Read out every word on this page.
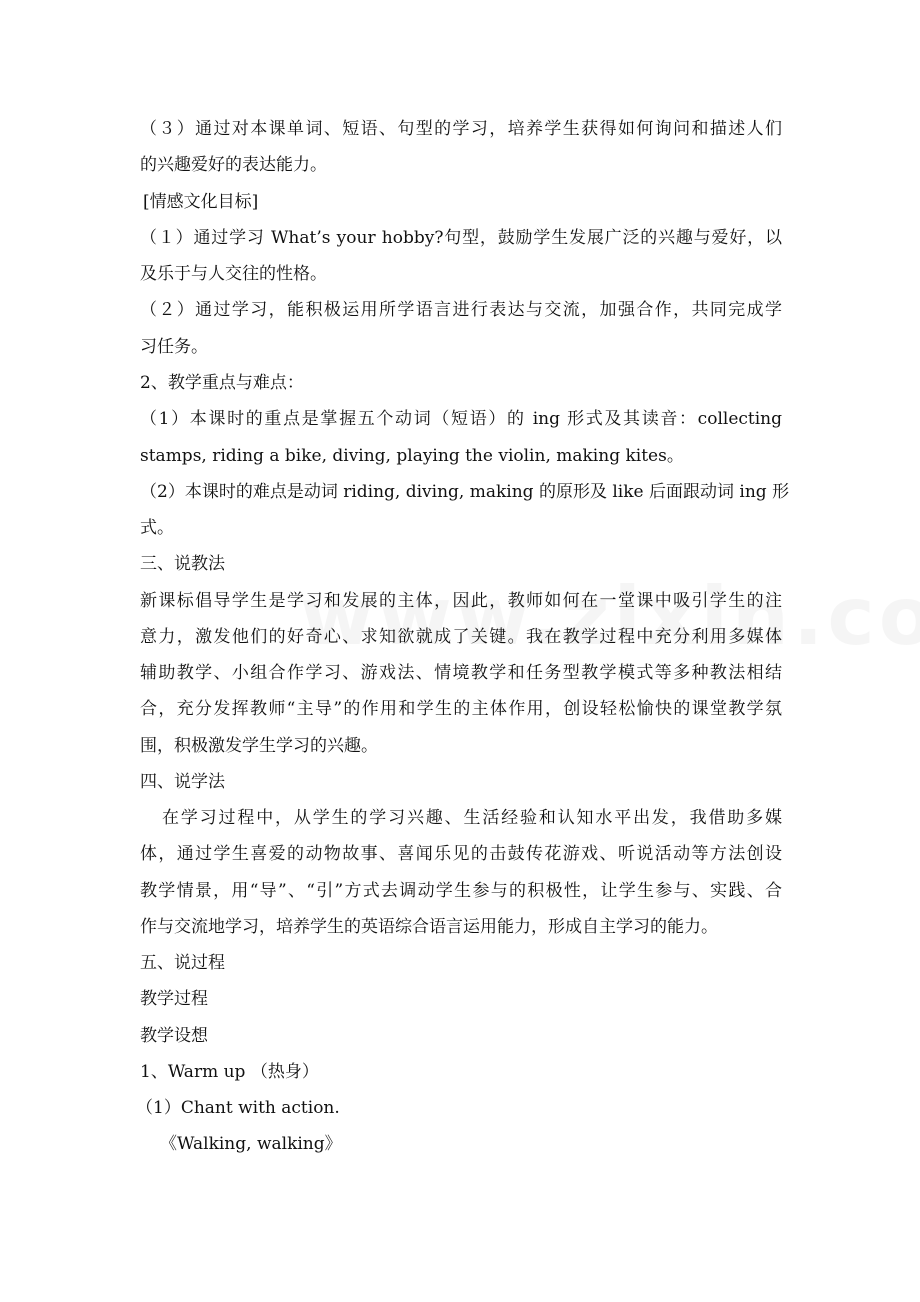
（３）通过对本课单词、短语、句型的学习，培养学生获得如何询问和描述人们

的兴趣爱好的表达能力。

[情感文化目标]

（１）通过学习 What’s your hobby?句型，鼓励学生发展广泛的兴趣与爱好，以

及乐于与人交往的性格。

（２）通过学习，能积极运用所学语言进行表达与交流，加强合作，共同完成学

习任务。

2、教学重点与难点：

（1）本课时的重点是掌握五个动词（短语）的 ing 形式及其读音：collecting

stamps, riding a bike, diving, playing the violin, making kites。

（2）本课时的难点是动词 riding, diving, making 的原形及 like 后面跟动词 ing 形

式。

三、说教法

新课标倡导学生是学习和发展的主体，因此，教师如何在一堂课中吸引学生的注

意力，激发他们的好奇心、求知欲就成了关键。我在教学过程中充分利用多媒体

辅助教学、小组合作学习、游戏法、情境教学和任务型教学模式等多种教法相结

合，充分发挥教师“主导”的作用和学生的主体作用，创设轻松愉快的课堂教学氛

围，积极激发学生学习的兴趣。

四、说学法

在学习过程中，从学生的学习兴趣、生活经验和认知水平出发，我借助多媒

体，通过学生喜爱的动物故事、喜闻乐见的击鼓传花游戏、听说活动等方法创设

教学情景，用“导”、“引”方式去调动学生参与的积极性，让学生参与、实践、合

作与交流地学习，培养学生的英语综合语言运用能力，形成自主学习的能力。

五、说过程

教学过程

教学设想

1、Warm up （热身）

（1）Chant with action.

《Walking, walking》
